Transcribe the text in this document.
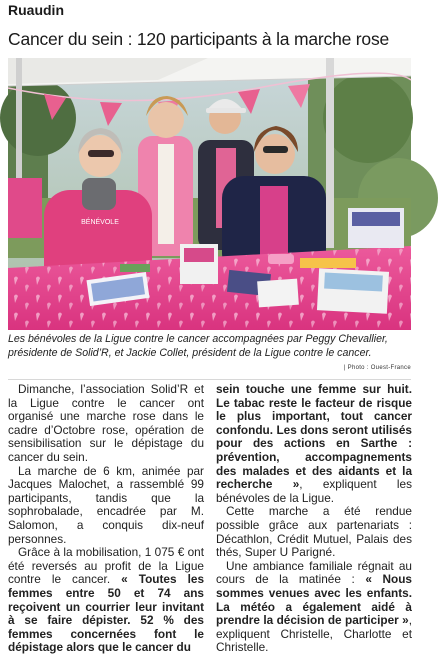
Ruaudin
Cancer du sein : 120 participants à la marche rose
BÉNÉVOLE
Les bénévoles de la Ligue contre le cancer accompagnées par Peggy Chevallier, présidente de Solid’R, et Jackie Collet, président de la Ligue contre le cancer.
| Photo : Ouest-France

Dimanche, l’association Solid’R et la Ligue contre le cancer ont organisé une marche rose dans le cadre d’Octobre rose, opération de sensibilisation sur le dépistage du cancer du sein.

La marche de 6 km, animée par Jacques Malochet, a rassemblé 99 participants, tandis que la sophrobalade, encadrée par M. Salomon, a conquis dix-neuf personnes.

Grâce à la mobilisation, 1 075 € ont été reversés au profit de la Ligue contre le cancer. « Toutes les femmes entre 50 et 74 ans reçoivent un courrier leur invitant à se faire dépister. 52 % des femmes concernées font le dépistage alors que le cancer du

sein touche une femme sur huit. Le tabac reste le facteur de risque le plus important, tout cancer confondu. Les dons seront utilisés pour des actions en Sarthe : prévention, accompagnements des malades et des aidants et la recherche », expliquent les bénévoles de la Ligue.

Cette marche a été rendue possible grâce aux partenariats : Décathlon, Crédit Mutuel, Palais des thés, Super U Parigné.

Une ambiance familiale régnait au cours de la matinée : « Nous sommes venues avec les enfants. La météo a également aidé à prendre la décision de participer », expliquent Christelle, Charlotte et Christelle.
